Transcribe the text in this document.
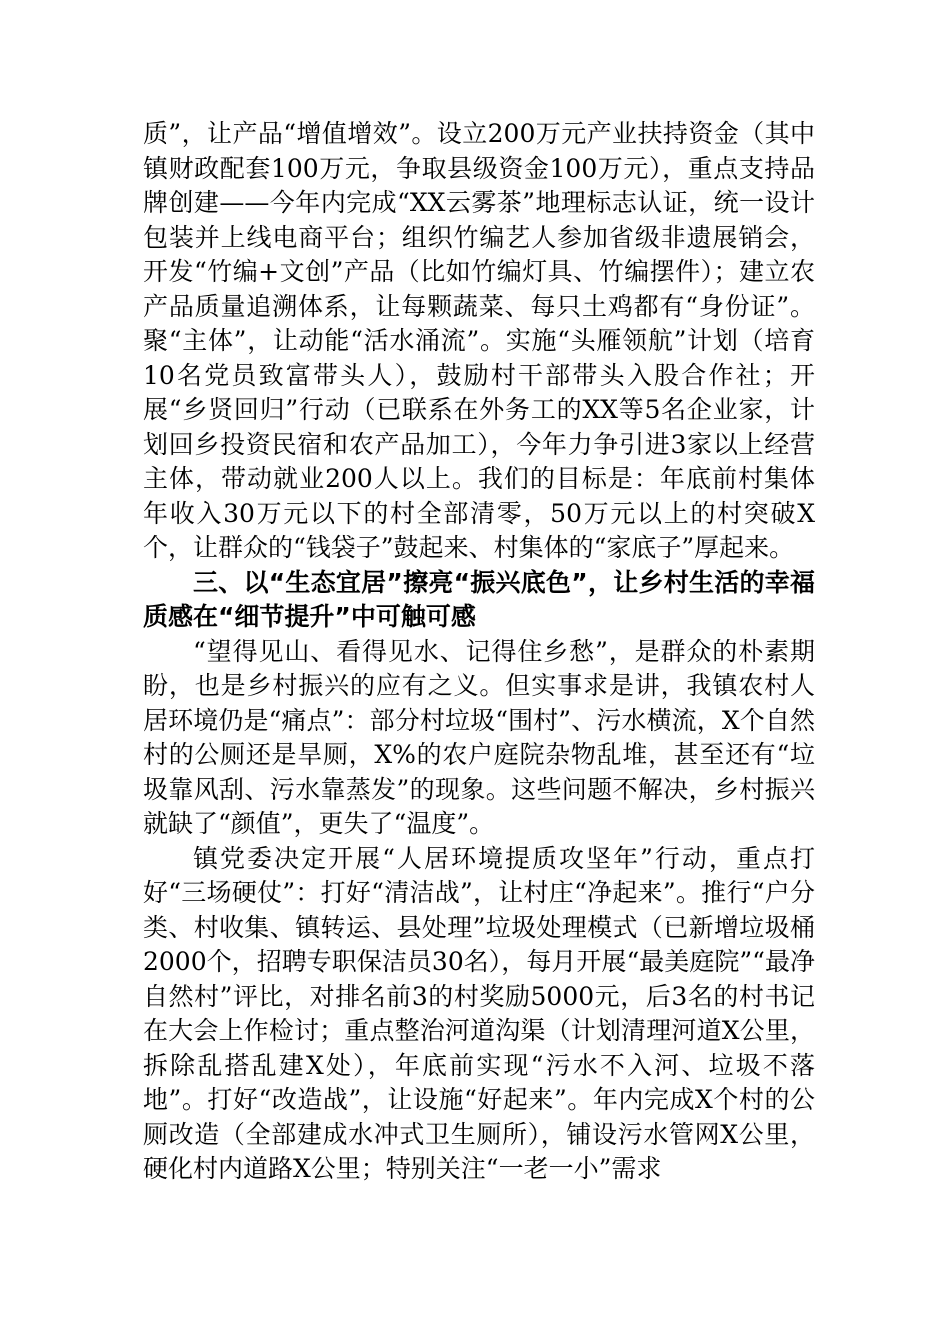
质”，让产品“增值增效”。设立200万元产业扶持资金（其中镇财政配套100万元，争取县级资金100万元），重点支持品牌创建——今年内完成“XX云雾茶”地理标志认证，统一设计包装并上线电商平台；组织竹编艺人参加省级非遗展销会，开发“竹编+文创”产品（比如竹编灯具、竹编摆件）；建立农产品质量追溯体系，让每颗蔬菜、每只土鸡都有“身份证”。聚“主体”，让动能“活水涌流”。实施“头雁领航”计划（培育10名党员致富带头人），鼓励村干部带头入股合作社；开展“乡贤回归”行动（已联系在外务工的XX等5名企业家，计划回乡投资民宿和农产品加工），今年力争引进3家以上经营主体，带动就业200人以上。我们的目标是：年底前村集体年收入30万元以下的村全部清零，50万元以上的村突破X个，让群众的“钱袋子”鼓起来、村集体的“家底子”厚起来。

三、以“生态宜居”擦亮“振兴底色”，让乡村生活的幸福质感在“细节提升”中可触可感

“望得见山、看得见水、记得住乡愁”，是群众的朴素期盼，也是乡村振兴的应有之义。但实事求是讲，我镇农村人居环境仍是“痛点”：部分村垃圾“围村”、污水横流，X个自然村的公厕还是旱厕，X%的农户庭院杂物乱堆，甚至还有“垃圾靠风刮、污水靠蒸发”的现象。这些问题不解决，乡村振兴就缺了“颜值”，更失了“温度”。

镇党委决定开展“人居环境提质攻坚年”行动，重点打好“三场硬仗”：打好“清洁战”，让村庄“净起来”。推行“户分类、村收集、镇转运、县处理”垃圾处理模式（已新增垃圾桶2000个，招聘专职保洁员30名），每月开展“最美庭院”“最净自然村”评比，对排名前3的村奖励5000元，后3名的村书记在大会上作检讨；重点整治河道沟渠（计划清理河道X公里，拆除乱搭乱建X处），年底前实现“污水不入河、垃圾不落地”。打好“改造战”，让设施“好起来”。年内完成X个村的公厕改造（全部建成水冲式卫生厕所），铺设污水管网X公里，硬化村内道路X公里；特别关注“一老一小”需求
